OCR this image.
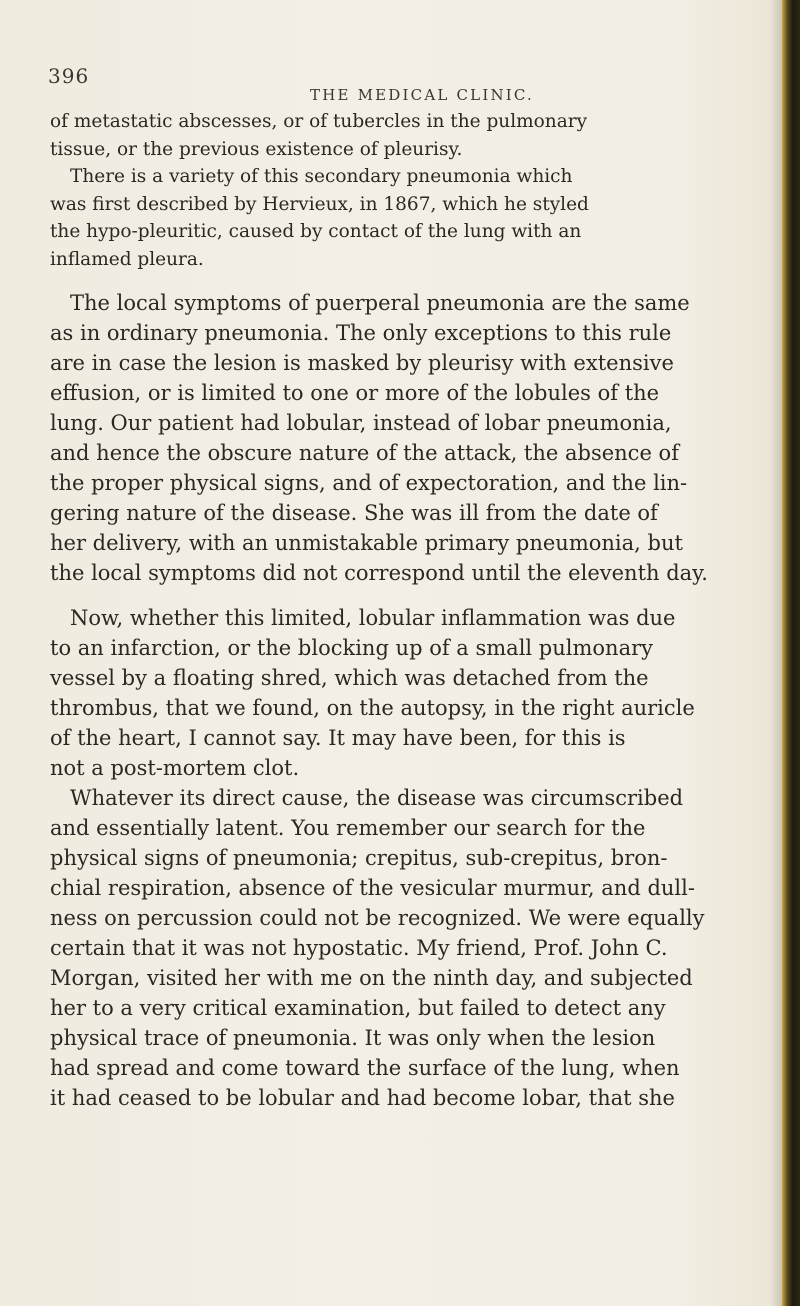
396
THE MEDICAL CLINIC.
of metastatic abscesses, or of tubercles in the pulmonary
tissue, or the previous existence of pleurisy.
There is a variety of this secondary pneumonia which
was first described by Hervieux, in 1867, which he styled
the hypo-pleuritic, caused by contact of the lung with an
inflamed pleura.
The local symptoms of puerperal pneumonia are the same
as in ordinary pneumonia. The only exceptions to this rule
are in case the lesion is masked by pleurisy with extensive
effusion, or is limited to one or more of the lobules of the
lung. Our patient had lobular, instead of lobar pneumonia,
and hence the obscure nature of the attack, the absence of
the proper physical signs, and of expectoration, and the lin-
gering nature of the disease. She was ill from the date of
her delivery, with an unmistakable primary pneumonia, but
the local symptoms did not correspond until the eleventh day.
Now, whether this limited, lobular inflammation was due
to an infarction, or the blocking up of a small pulmonary
vessel by a floating shred, which was detached from the
thrombus, that we found, on the autopsy, in the right auricle
of the heart, I cannot say. It may have been, for this is
not a post-mortem clot.
Whatever its direct cause, the disease was circumscribed
and essentially latent. You remember our search for the
physical signs of pneumonia; crepitus, sub-crepitus, bron-
chial respiration, absence of the vesicular murmur, and dull-
ness on percussion could not be recognized. We were equally
certain that it was not hypostatic. My friend, Prof. John C.
Morgan, visited her with me on the ninth day, and subjected
her to a very critical examination, but failed to detect any
physical trace of pneumonia. It was only when the lesion
had spread and come toward the surface of the lung, when
it had ceased to be lobular and had become lobar, that she
